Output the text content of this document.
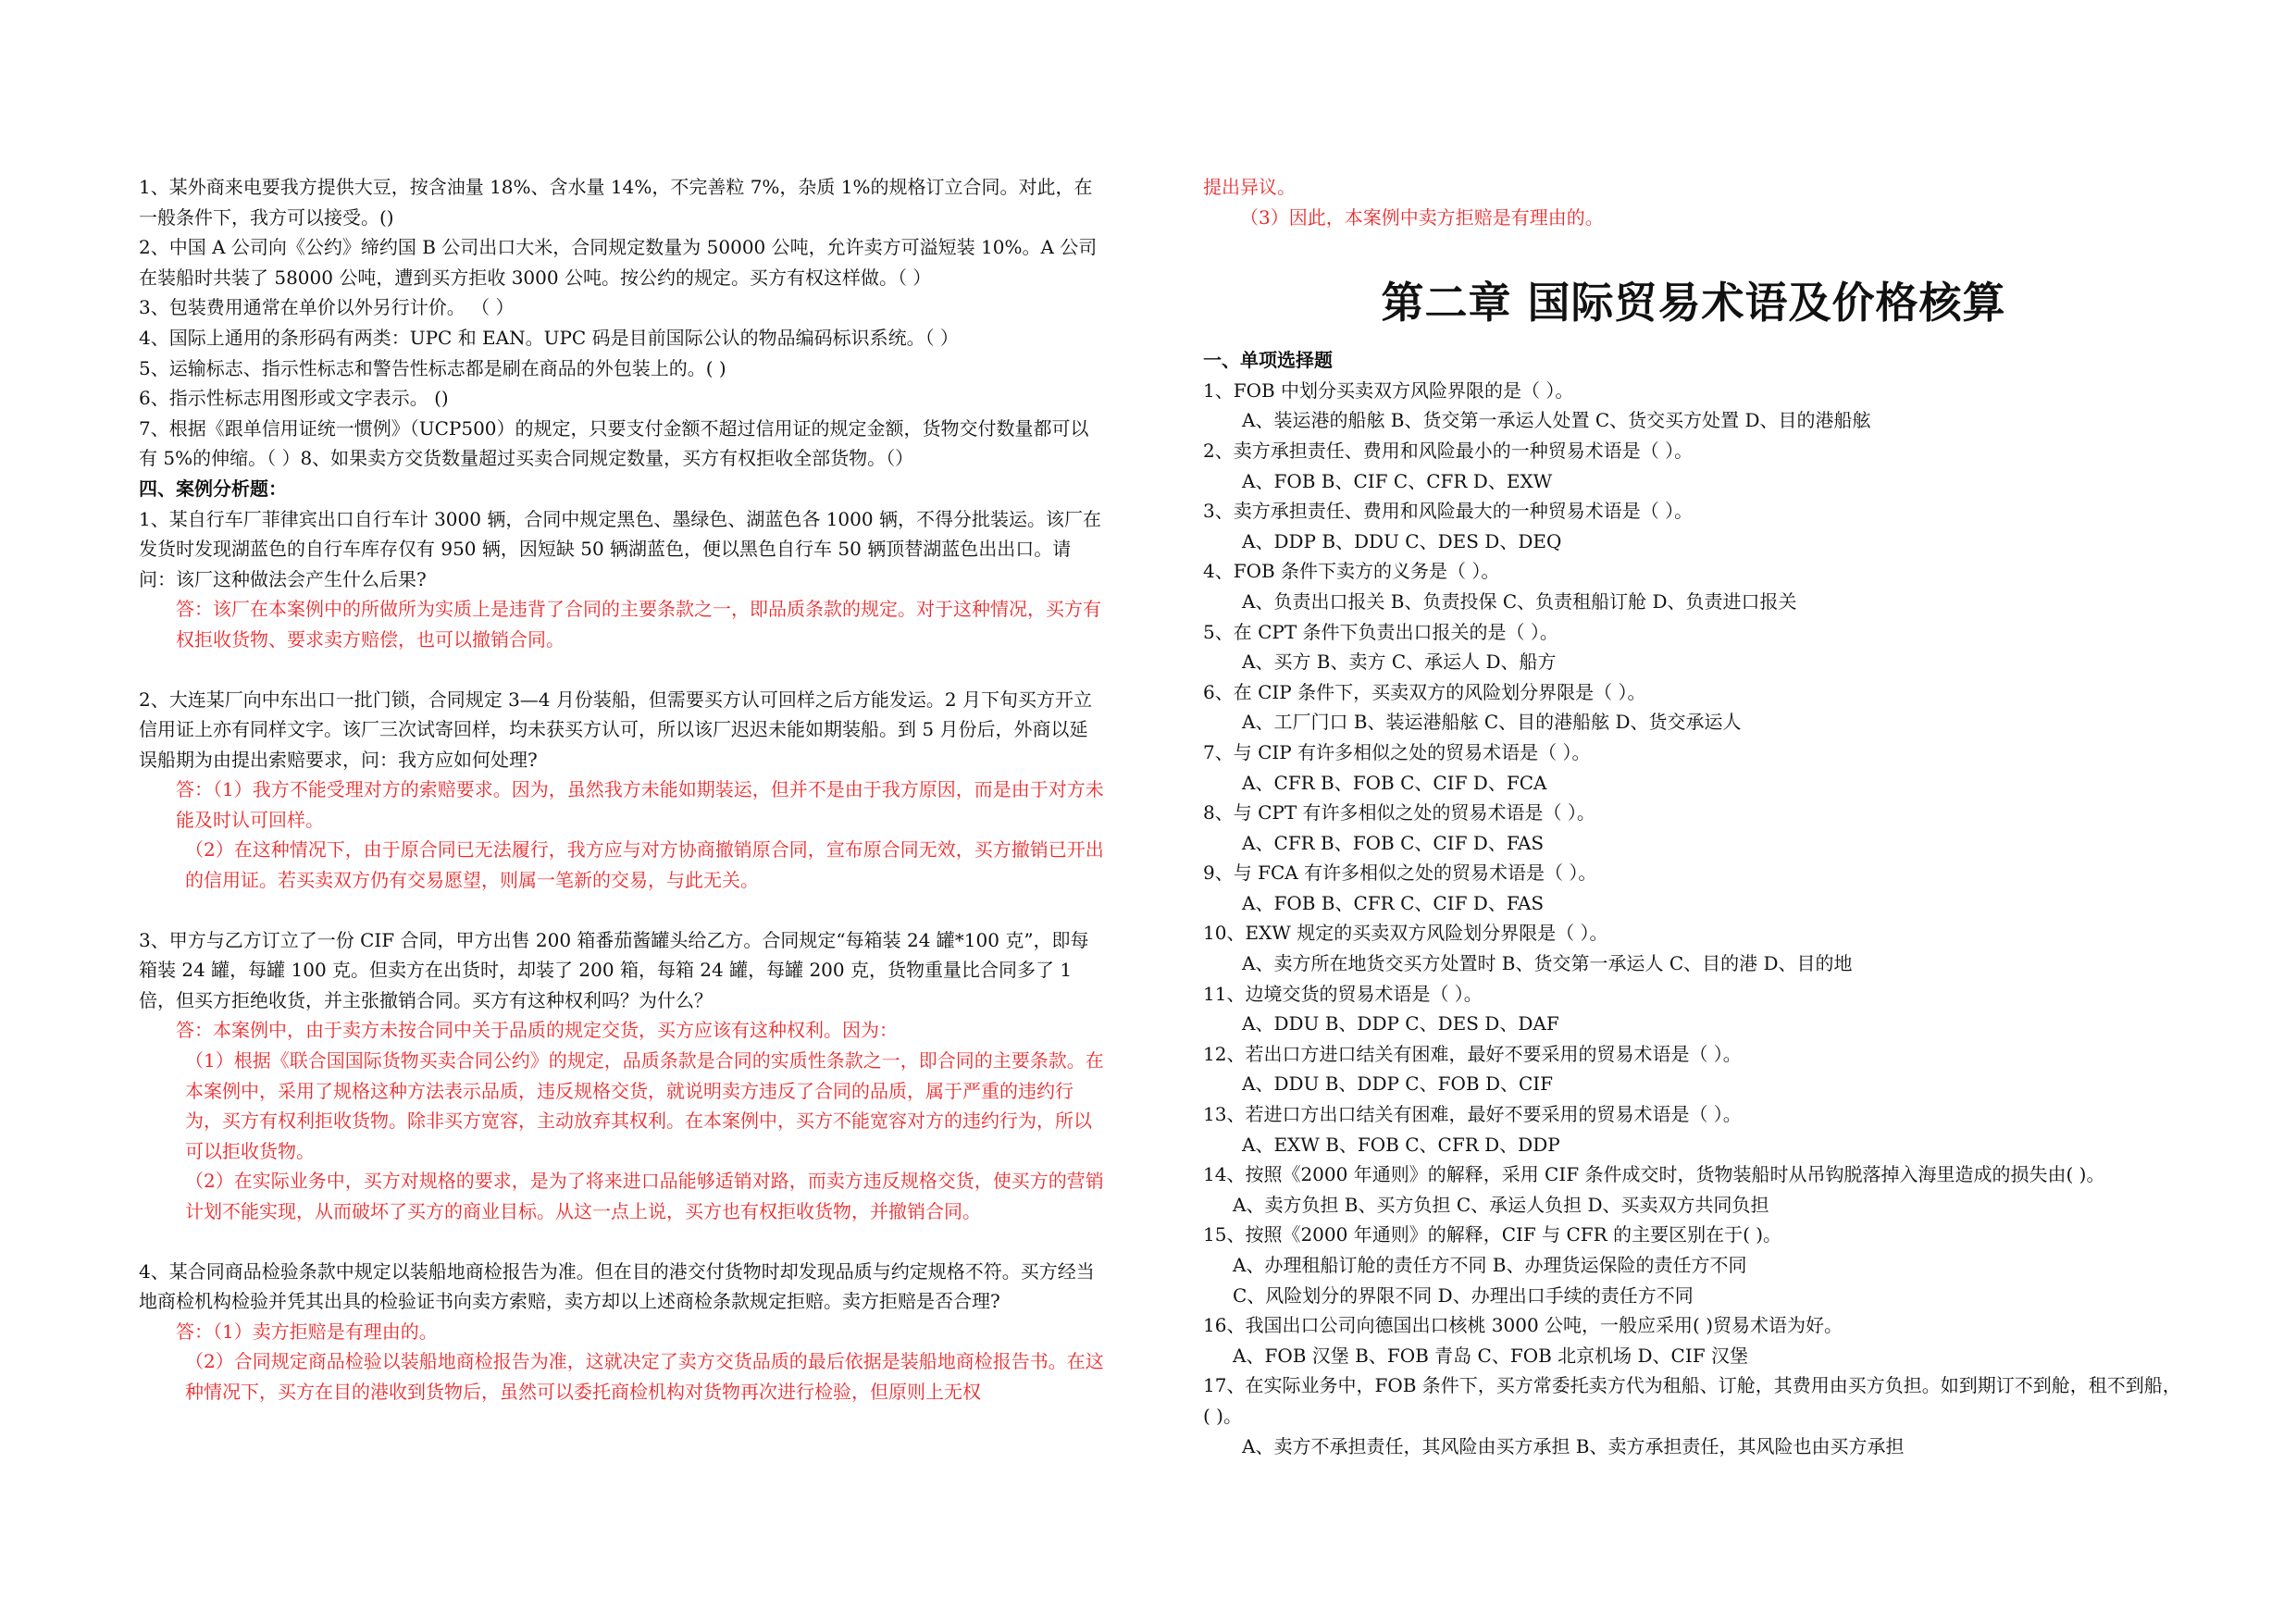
1、某外商来电要我方提供大豆，按含油量 18%、含水量 14%，不完善粒 7%，杂质 1%的规格订立合同。对此，在一般条件下，我方可以接受。()
2、中国 A 公司向《公约》缔约国 B 公司出口大米，合同规定数量为 50000 公吨，允许卖方可溢短装 10%。A 公司在装船时共装了 58000 公吨，遭到买方拒收 3000 公吨。按公约的规定。买方有权这样做。（ ）
3、包装费用通常在单价以外另行计价。 （ ）
4、国际上通用的条形码有两类：UPC 和 EAN。UPC 码是目前国际公认的物品编码标识系统。（ ）
5、运输标志、指示性标志和警告性标志都是刷在商品的外包装上的。( )
6、指示性标志用图形或文字表示。 ()
7、根据《跟单信用证统一惯例》（UCP500）的规定，只要支付金额不超过信用证的规定金额，货物交付数量都可以有 5%的伸缩。（ ）8、如果卖方交货数量超过买卖合同规定数量，买方有权拒收全部货物。（）
四、案例分析题：
1、某自行车厂菲律宾出口自行车计 3000 辆，合同中规定黑色、墨绿色、湖蓝色各 1000 辆，不得分批装运。该厂在发货时发现湖蓝色的自行车库存仅有 950 辆，因短缺 50 辆湖蓝色，便以黑色自行车 50 辆顶替湖蓝色出出口。请问：该厂这种做法会产生什么后果?
答：该厂在本案例中的所做所为实质上是违背了合同的主要条款之一，即品质条款的规定。对于这种情况，买方有权拒收货物、要求卖方赔偿，也可以撤销合同。
2、大连某厂向中东出口一批门锁，合同规定 3—4 月份装船，但需要买方认可回样之后方能发运。2 月下旬买方开立信用证上亦有同样文字。该厂三次试寄回样，均未获买方认可，所以该厂迟迟未能如期装船。到 5 月份后，外商以延误船期为由提出索赔要求，问：我方应如何处理?
答：（1）我方不能受理对方的索赔要求。因为，虽然我方未能如期装运，但并不是由于我方原因，而是由于对方未能及时认可回样。
（2）在这种情况下，由于原合同已无法履行，我方应与对方协商撤销原合同，宣布原合同无效，买方撤销已开出的信用证。若买卖双方仍有交易愿望，则属一笔新的交易，与此无关。
3、甲方与乙方订立了一份 CIF 合同，甲方出售 200 箱番茄酱罐头给乙方。合同规定“每箱装 24 罐*100 克”，即每箱装 24 罐，每罐 100 克。但卖方在出货时，却装了 200 箱，每箱 24 罐，每罐 200 克，货物重量比合同多了 1 倍，但买方拒绝收货，并主张撤销合同。买方有这种权利吗？为什么？
答：本案例中，由于卖方未按合同中关于品质的规定交货，买方应该有这种权利。因为：
（1）根据《联合国国际货物买卖合同公约》的规定，品质条款是合同的实质性条款之一，即合同的主要条款。在本案例中，采用了规格这种方法表示品质，违反规格交货，就说明卖方违反了合同的品质，属于严重的违约行为，买方有权利拒收货物。除非买方宽容，主动放弃其权利。在本案例中，买方不能宽容对方的违约行为，所以可以拒收货物。
（2）在实际业务中，买方对规格的要求，是为了将来进口品能够适销对路，而卖方违反规格交货，使买方的营销计划不能实现，从而破坏了买方的商业目标。从这一点上说，买方也有权拒收货物，并撤销合同。
4、某合同商品检验条款中规定以装船地商检报告为准。但在目的港交付货物时却发现品质与约定规格不符。买方经当地商检机构检验并凭其出具的检验证书向卖方索赔，卖方却以上述商检条款规定拒赔。卖方拒赔是否合理?
答：（1）卖方拒赔是有理由的。
（2）合同规定商品检验以装船地商检报告为准，这就决定了卖方交货品质的最后依据是装船地商检报告书。在这种情况下，买方在目的港收到货物后，虽然可以委托商检机构对货物再次进行检验，但原则上无权
提出异议。
（3）因此，本案例中卖方拒赔是有理由的。
第二章 国际贸易术语及价格核算
一、单项选择题
1、FOB 中划分买卖双方风险界限的是（ ）。
A、装运港的船舷 B、货交第一承运人处置 C、货交买方处置 D、目的港船舷
2、卖方承担责任、费用和风险最小的一种贸易术语是（ ）。
A、FOB B、CIF C、CFR D、EXW
3、卖方承担责任、费用和风险最大的一种贸易术语是（ ）。
A、DDP B、DDU C、DES D、DEQ
4、FOB 条件下卖方的义务是（ ）。
A、负责出口报关 B、负责投保 C、负责租船订舱 D、负责进口报关
5、在 CPT 条件下负责出口报关的是（ ）。
A、买方 B、卖方 C、承运人 D、船方
6、在 CIP 条件下，买卖双方的风险划分界限是（ ）。
A、工厂门口 B、装运港船舷 C、目的港船舷 D、货交承运人
7、与 CIP 有许多相似之处的贸易术语是（ ）。
A、CFR B、FOB C、CIF D、FCA
8、与 CPT 有许多相似之处的贸易术语是（ ）。
A、CFR B、FOB C、CIF D、FAS
9、与 FCA 有许多相似之处的贸易术语是（ ）。
A、FOB B、CFR C、CIF D、FAS
10、EXW 规定的买卖双方风险划分界限是（ ）。
A、卖方所在地货交买方处置时 B、货交第一承运人 C、目的港 D、目的地
11、边境交货的贸易术语是（ ）。
A、DDU B、DDP C、DES D、DAF
12、若出口方进口结关有困难，最好不要采用的贸易术语是（ ）。
A、DDU B、DDP C、FOB D、CIF
13、若进口方出口结关有困难，最好不要采用的贸易术语是（ ）。
A、EXW B、FOB C、CFR D、DDP
14、按照《2000 年通则》的解释，采用 CIF 条件成交时，货物装船时从吊钩脱落掉入海里造成的损失由( )。
A、卖方负担 B、买方负担 C、承运人负担 D、买卖双方共同负担
15、按照《2000 年通则》的解释，CIF 与 CFR 的主要区别在于( )。
A、办理租船订舱的责任方不同 B、办理货运保险的责任方不同
C、风险划分的界限不同 D、办理出口手续的责任方不同
16、我国出口公司向德国出口核桃 3000 公吨，一般应采用( )贸易术语为好。
A、FOB 汉堡 B、FOB 青岛 C、FOB 北京机场 D、CIF 汉堡
17、在实际业务中，FOB 条件下，买方常委托卖方代为租船、订舱，其费用由买方负担。如到期订不到舱，租不到船，( )。
A、卖方不承担责任，其风险由买方承担 B、卖方承担责任，其风险也由买方承担
